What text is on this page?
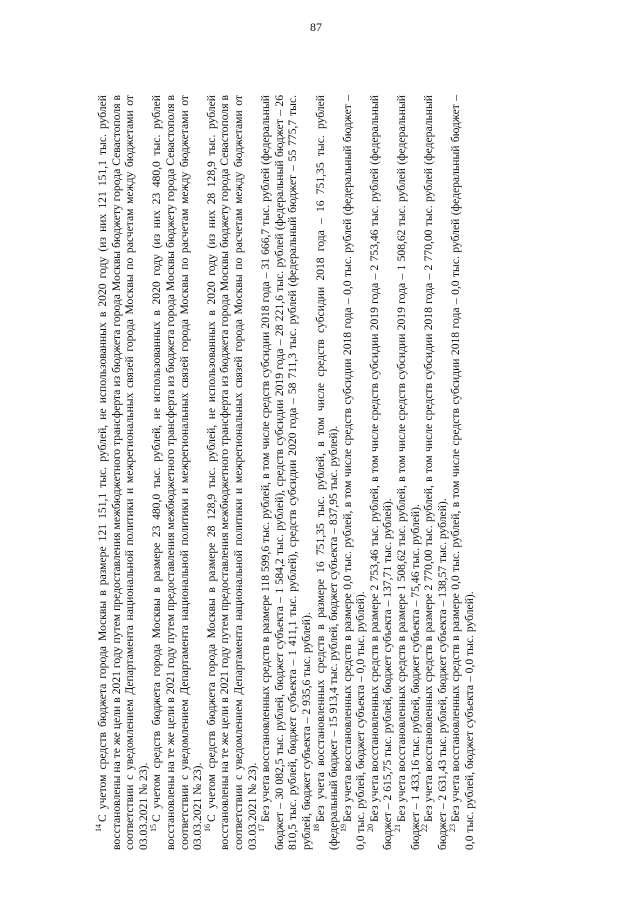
87

$^{14}$С учетом средств бюджета города Москвы в размере 121 151,1 тыс. рублей, не использованных в 2020 году (из них 121 151,1 тыс. рублей восстановлены на те же цели в 2021 году путем предоставления межбюджетного трансферта из бюджета города Москвы бюджету города Севастополя в соответствии с уведомлением Департамента национальной политики и межрегиональных связей города Москвы по расчетам между бюджетами от 03.03.2021 № 23).

$^{15}$С учетом средств бюджета города Москвы в размере 23 480,0 тыс. рублей, не использованных в 2020 году (из них 23 480,0 тыс. рублей восстановлены на те же цели в 2021 году путем предоставления межбюджетного трансферта из бюджета города Москвы бюджету города Севастополя в соответствии с уведомлением Департамента национальной политики и межрегиональных связей города Москвы по расчетам между бюджетами от 03.03.2021 № 23).

$^{16}$С учетом средств бюджета города Москвы в размере 28 128,9 тыс. рублей, не использованных в 2020 году (из них 28 128,9 тыс. рублей восстановлены на те же цели в 2021 году путем предоставления межбюджетного трансферта из бюджета города Москвы бюджету города Севастополя в соответствии с уведомлением Департамента национальной политики и межрегиональных связей города Москвы по расчетам между бюджетами от 03.03.2021 № 23).

$^{17}$Без учета восстановленных средств в размере 118 599,6 тыс. рублей, в том числе средств субсидии 2018 года – 31 666,7 тыс. рублей (федеральный бюджет – 30 082,5 тыс. рублей, бюджет субъекта – 1 584,2 тыс. рублей), средств субсидии 2019 года – 28 221,6 тыс. рублей (федеральный бюджет – 26 810,5 тыс. рублей, бюджет субъекта – 1 411,1 тыс. рублей), средств субсидии 2020 года – 58 711,3 тыс. рублей (федеральный бюджет – 55 775,7 тыс. рублей, бюджет субъекта – 2 935,6 тыс. рублей).

$^{18}$Без учета восстановленных средств в размере 16 751,35 тыс. рублей, в том числе средств субсидии 2018 года – 16 751,35 тыс. рублей (федеральный бюджет – 15 913,4 тыс. рублей, бюджет субъекта – 837,95 тыс. рублей).

$^{19}$Без учета восстановленных средств в размере 0,0 тыс. рублей, в том числе средств субсидии 2018 года – 0,0 тыс. рублей (федеральный бюджет – 0,0 тыс. рублей, бюджет субъекта – 0,0 тыс. рублей).

$^{20}$Без учета восстановленных средств в размере 2 753,46 тыс. рублей, в том числе средств субсидии 2019 года – 2 753,46 тыс. рублей (федеральный бюджет – 2 615,75 тыс. рублей, бюджет субъекта – 137,71 тыс. рублей).

$^{21}$Без учета восстановленных средств в размере 1 508,62 тыс. рублей, в том числе средств субсидии 2019 года – 1 508,62 тыс. рублей (федеральный бюджет – 1 433,16 тыс. рублей, бюджет субъекта – 75,46 тыс. рублей).

$^{22}$Без учета восстановленных средств в размере 2 770,00 тыс. рублей, в том числе средств субсидии 2018 года – 2 770,00 тыс. рублей (федеральный бюджет – 2 631,43 тыс. рублей, бюджет субъекта – 138,57 тыс. рублей).

$^{23}$Без учета восстановленных средств в размере 0,0 тыс. рублей, в том числе средств субсидии 2018 года – 0,0 тыс. рублей (федеральный бюджет – 0,0 тыс. рублей, бюджет субъекта – 0,0 тыс. рублей).
